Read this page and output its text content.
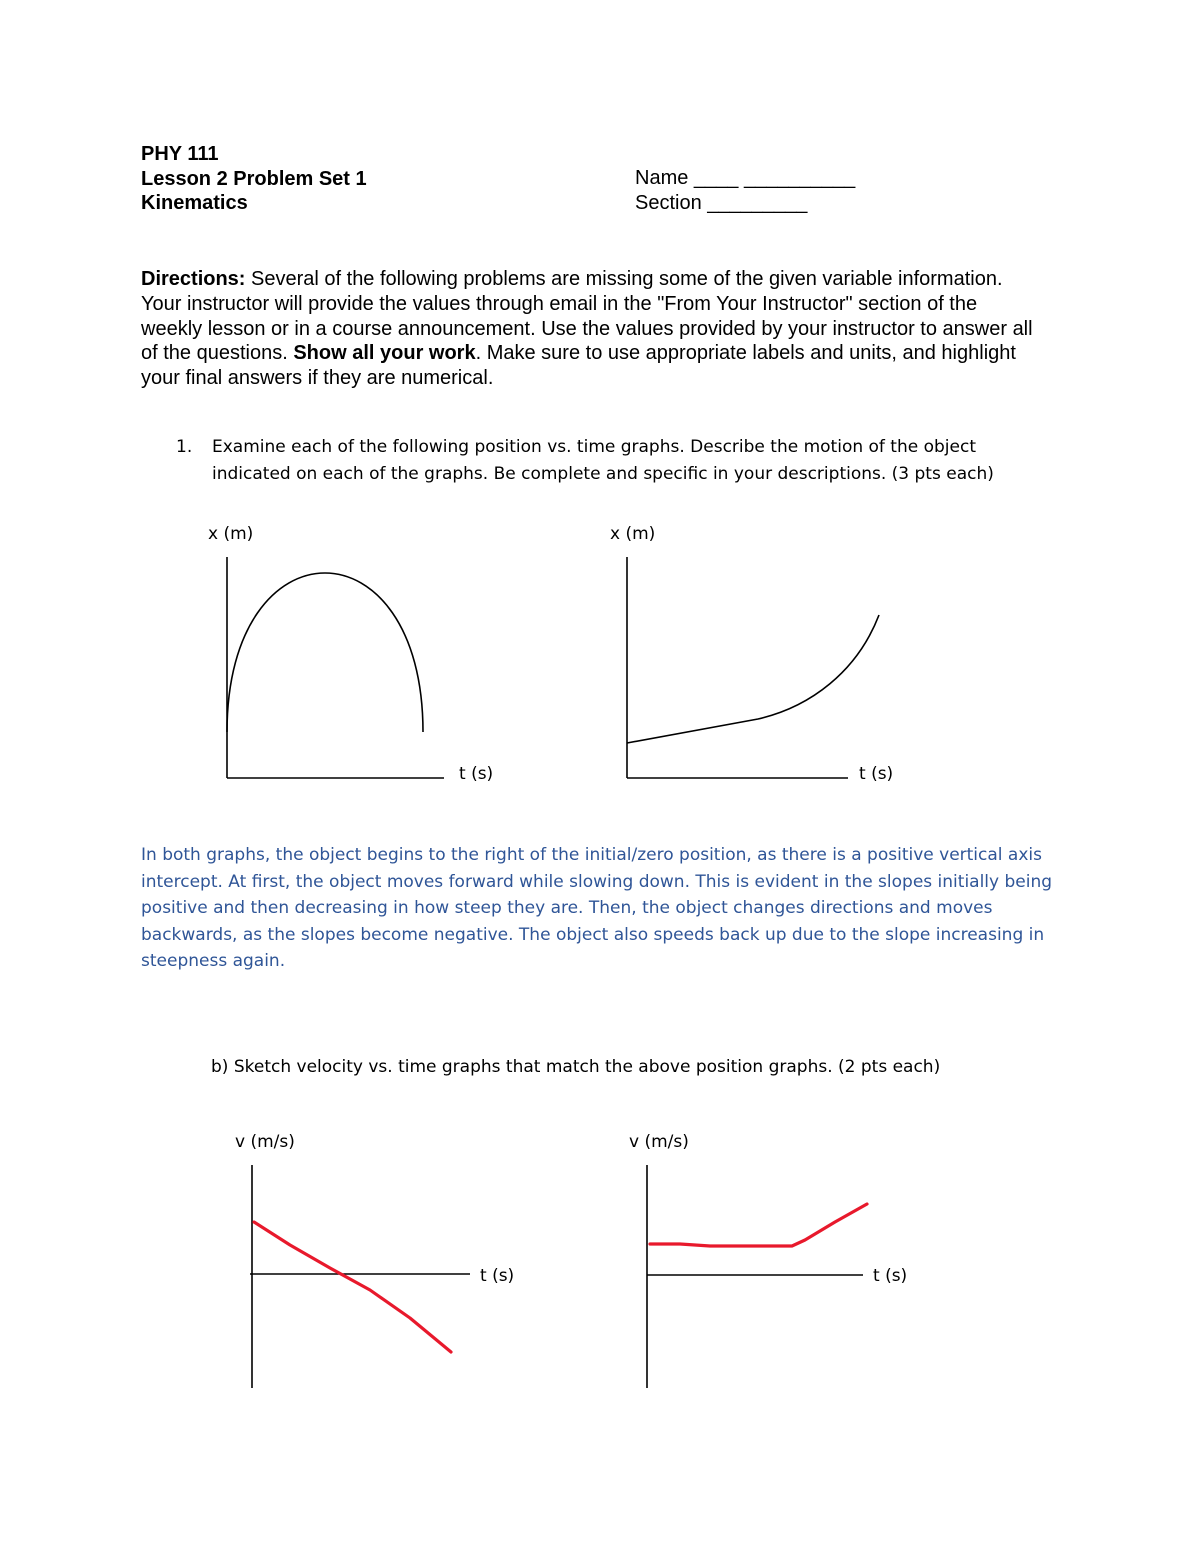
PHY 111
Lesson 2 Problem Set 1
Kinematics
Name ____ __________
Section _________
Directions: Several of the following problems are missing some of the given variable information. Your instructor will provide the values through email in the "From Your Instructor" section of the weekly lesson or in a course announcement. Use the values provided by your instructor to answer all of the questions. Show all your work. Make sure to use appropriate labels and units, and highlight your final answers if they are numerical.
1. Examine each of the following position vs. time graphs. Describe the motion of the object indicated on each of the graphs. Be complete and specific in your descriptions. (3 pts each)
x (m)
t (s)
x (m)
t (s)
v (m/s)
t (s)
v (m/s)
t (s)
In both graphs, the object begins to the right of the initial/zero position, as there is a positive vertical axis intercept. At first, the object moves forward while slowing down. This is evident in the slopes initially being positive and then decreasing in how steep they are. Then, the object changes directions and moves backwards, as the slopes become negative. The object also speeds back up due to the slope increasing in steepness again.
b) Sketch velocity vs. time graphs that match the above position graphs. (2 pts each)
